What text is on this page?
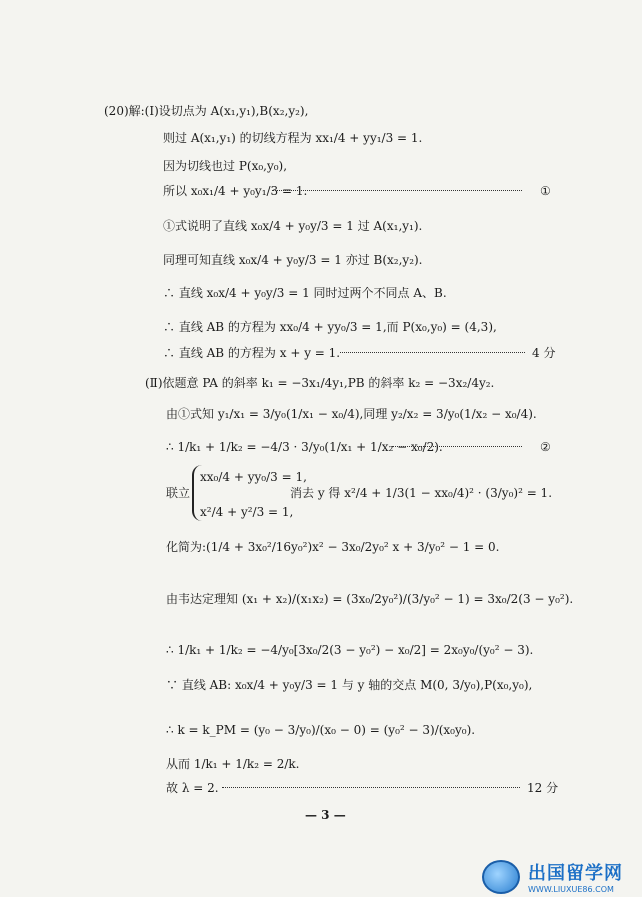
(20)解:(Ⅰ)设切点为 A(x₁,y₁),B(x₂,y₂),
则过 A(x₁,y₁) 的切线方程为 xx₁/4 + yy₁/3 = 1.
因为切线也过 P(x₀,y₀),
所以 x₀x₁/4 + y₀y₁/3 = 1.	①
①式说明了直线 x₀x/4 + y₀y/3 = 1 过 A(x₁,y₁).
同理可知直线 x₀x/4 + y₀y/3 = 1 亦过 B(x₂,y₂).
∴ 直线 x₀x/4 + y₀y/3 = 1 同时过两个不同点 A、B.
∴ 直线 AB 的方程为 xx₀/4 + yy₀/3 = 1,而 P(x₀,y₀) = (4,3),
∴ 直线 AB 的方程为 x + y = 1.	4 分
(Ⅱ)依题意 PA 的斜率 k₁ = −3x₁/4y₁,PB 的斜率 k₂ = −3x₂/4y₂.
由①式知 y₁/x₁ = 3/y₀(1/x₁ − x₀/4),同理 y₂/x₂ = 3/y₀(1/x₂ − x₀/4).
∴ 1/k₁ + 1/k₂ = −4/3 · 3/y₀(1/x₁ + 1/x₂ − x₀/2).	②
xx₀/4 + yy₀/3 = 1,
联立	消去 y 得 x²/4 + 1/3(1 − xx₀/4)² · (3/y₀)² = 1.
x²/4 + y²/3 = 1,
化简为:(1/4 + 3x₀²/16y₀²)x² − 3x₀/2y₀² x + 3/y₀² − 1 = 0.
由韦达定理知 (x₁ + x₂)/(x₁x₂) = (3x₀/2y₀²)/(3/y₀² − 1) = 3x₀/2(3 − y₀²).
∴ 1/k₁ + 1/k₂ = −4/y₀[3x₀/2(3 − y₀²) − x₀/2] = 2x₀y₀/(y₀² − 3).
∵ 直线 AB: x₀x/4 + y₀y/3 = 1 与 y 轴的交点 M(0, 3/y₀),P(x₀,y₀),
∴ k = k_PM = (y₀ − 3/y₀)/(x₀ − 0) = (y₀² − 3)/(x₀y₀).
从而 1/k₁ + 1/k₂ = 2/k.
故 λ = 2.	12 分
— 3 —
出国留学网
WWW.LIUXUE86.COM
